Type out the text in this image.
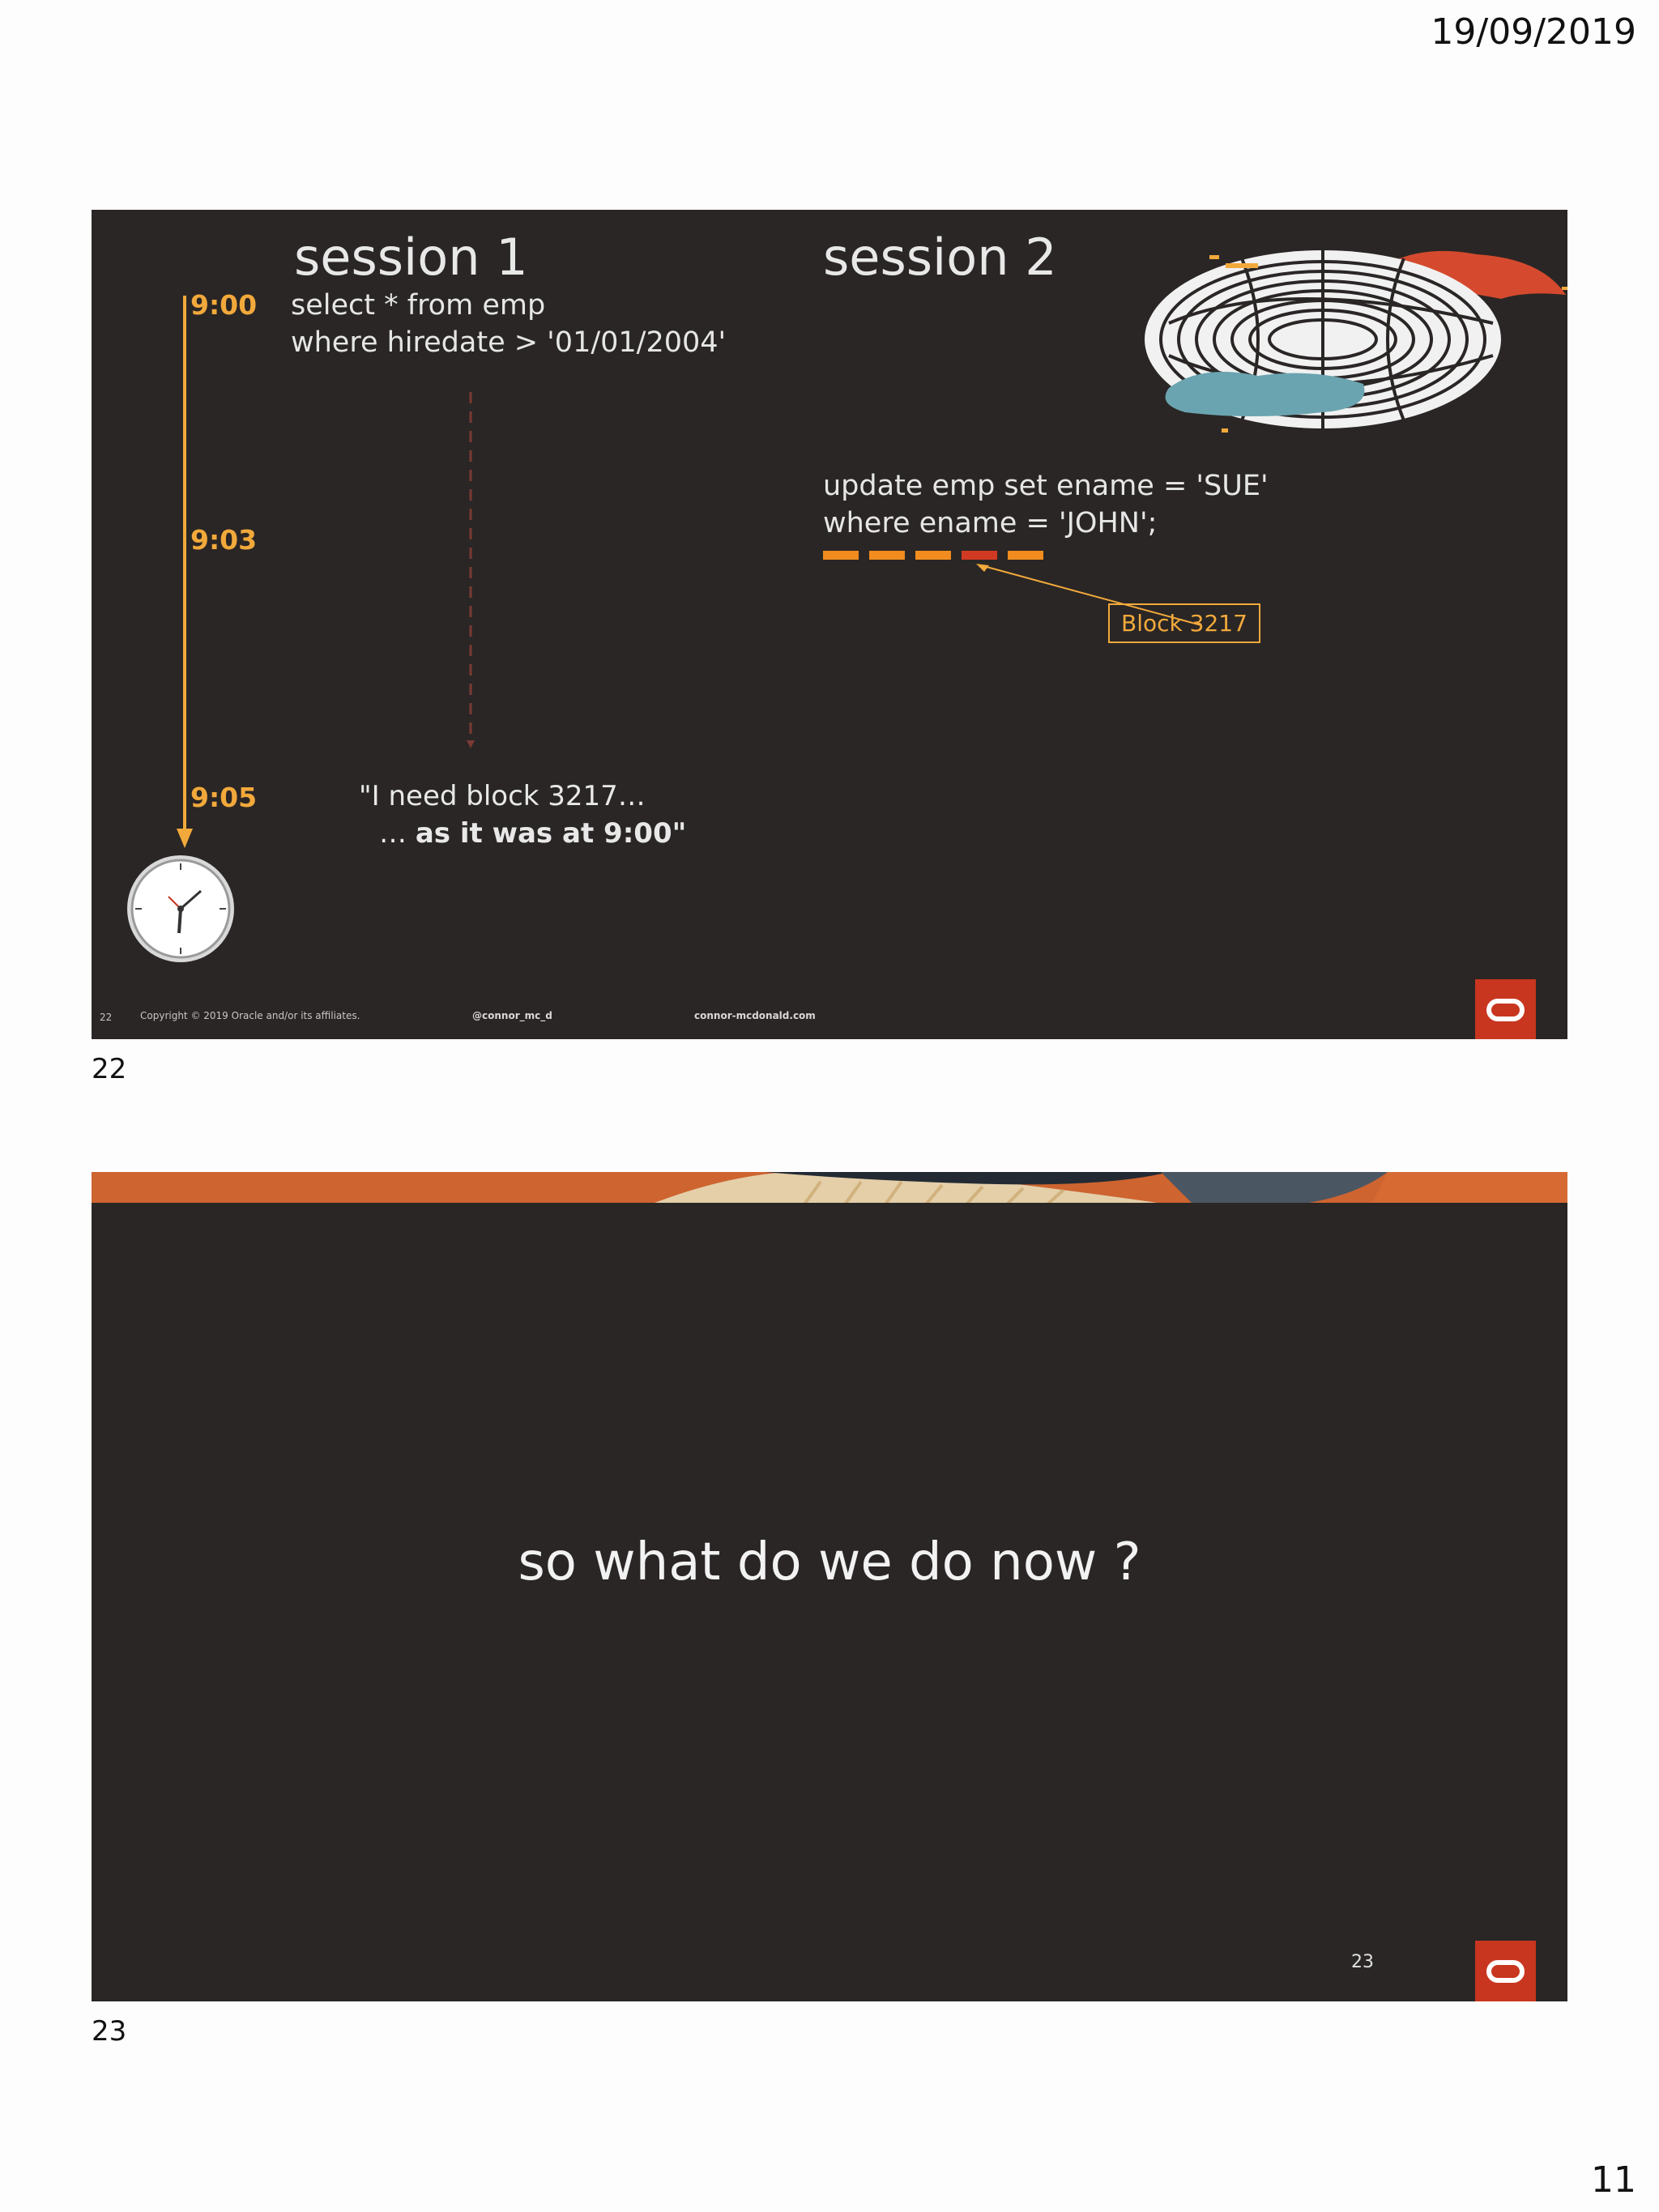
19/09/2019
session 1	session 2
9:00
9:03
9:05
select * from emp
where hiredate > '01/01/2004'
update emp set ename = 'SUE'
where ename = 'JOHN';
Block 3217
"I need block 3217…
… as it was at 9:00"
22	Copyright © 2019 Oracle and/or its affiliates.	@connor_mc_d	connor-mcdonald.com
22
so what do we do now ?
23
23
11
